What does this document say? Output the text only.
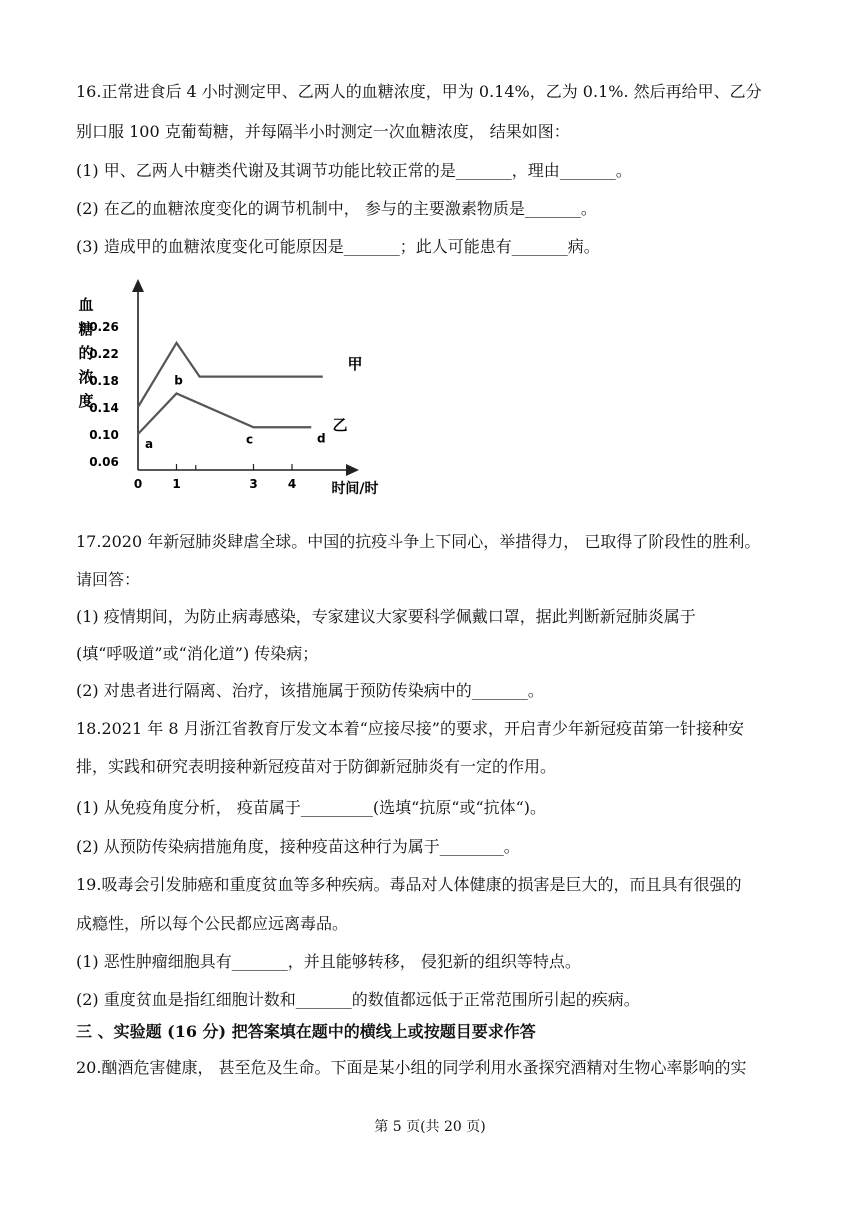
16.正常进食后 4 小时测定甲、乙两人的血糖浓度，甲为 0.14%，乙为 0.1%. 然后再给甲、乙分
别口服 100 克葡萄糖，并每隔半小时测定一次血糖浓度， 结果如图：
(1) 甲、乙两人中糖类代谢及其调节功能比较正常的是_______，理由_______。
(2) 在乙的血糖浓度变化的调节机制中， 参与的主要激素物质是_______。
(3) 造成甲的血糖浓度变化可能原因是_______；此人可能患有_______病。
血
糖
的
浓
度
0.06
0.10
0.14
0.18
0.22
0.26
0	1	3	4	时间/时
甲
乙
a
b
c	d
17.2020 年新冠肺炎肆虐全球。中国的抗疫斗争上下同心，举措得力， 已取得了阶段性的胜利。
请回答：
(1) 疫情期间，为防止病毒感染，专家建议大家要科学佩戴口罩，据此判断新冠肺炎属于
(填“呼吸道”或“消化道”) 传染病；
(2) 对患者进行隔离、治疗，该措施属于预防传染病中的_______。
18.2021 年 8 月浙江省教育厅发文本着“应接尽接”的要求，开启青少年新冠疫苗第一针接种安
排，实践和研究表明接种新冠疫苗对于防御新冠肺炎有一定的作用。
(1) 从免疫角度分析， 疫苗属于_________(选填“抗原“或“抗体“)。
(2) 从预防传染病措施角度，接种疫苗这种行为属于________。
19.吸毒会引发肺癌和重度贫血等多种疾病。毒品对人体健康的损害是巨大的，而且具有很强的
成瘾性，所以每个公民都应远离毒品。
(1) 恶性肿瘤细胞具有_______，并且能够转移， 侵犯新的组织等特点。
(2) 重度贫血是指红细胞计数和_______的数值都远低于正常范围所引起的疾病。
三 、实验题 (16 分) 把答案填在题中的横线上或按题目要求作答
20.酗酒危害健康， 甚至危及生命。下面是某小组的同学利用水蚤探究酒精对生物心率影响的实
第 5 页(共 20 页)
